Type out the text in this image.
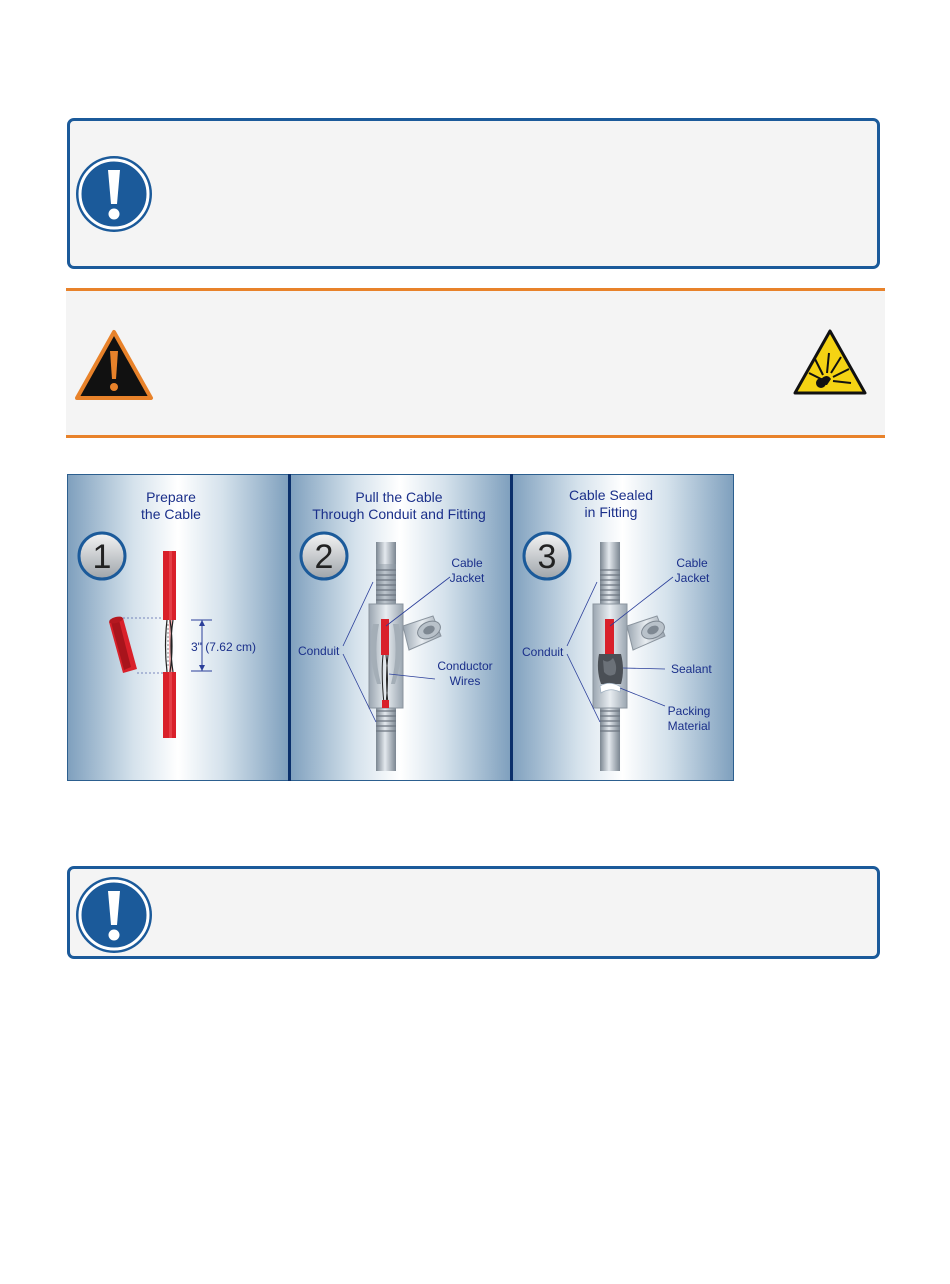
Prepare
the Cable
1
3" (7.62 cm)
Pull the Cable
Through Conduit and Fitting
2
Conduit
Cable
Jacket
Conductor
Wires
Cable Sealed
in Fitting
3
Conduit
Cable
Jacket
Sealant
Packing
Material
